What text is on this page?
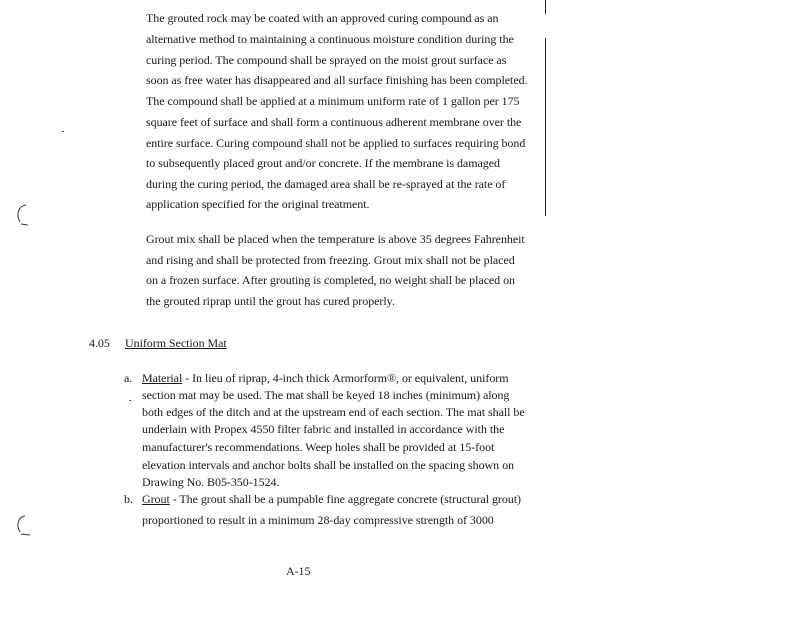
The grouted rock may be coated with an approved curing compound as an
alternative method to maintaining a continuous moisture condition during the
curing period. The compound shall be sprayed on the moist grout surface as
soon as free water has disappeared and all surface finishing has been completed.
The compound shall be applied at a minimum uniform rate of 1 gallon per 175
square feet of surface and shall form a continuous adherent membrane over the
entire surface. Curing compound shall not be applied to surfaces requiring bond
to subsequently placed grout and/or concrete. If the membrane is damaged
during the curing period, the damaged area shall be re-sprayed at the rate of
application specified for the original treatment.
Grout mix shall be placed when the temperature is above 35 degrees Fahrenheit
and rising and shall be protected from freezing. Grout mix shall not be placed
on a frozen surface. After grouting is completed, no weight shall be placed on
the grouted riprap until the grout has cured properly.
4.05 Uniform Section Mat
a. Material - In lieu of riprap, 4-inch thick Armorform®, or equivalent, uniform
section mat may be used. The mat shall be keyed 18 inches (minimum) along
both edges of the ditch and at the upstream end of each section. The mat shall be
underlain with Propex 4550 filter fabric and installed in accordance with the
manufacturer's recommendations. Weep holes shall be provided at 15-foot
elevation intervals and anchor bolts shall be installed on the spacing shown on
Drawing No. B05-350-1524.
b. Grout - The grout shall be a pumpable fine aggregate concrete (structural grout)
proportioned to result in a minimum 28-day compressive strength of 3000
A-15
